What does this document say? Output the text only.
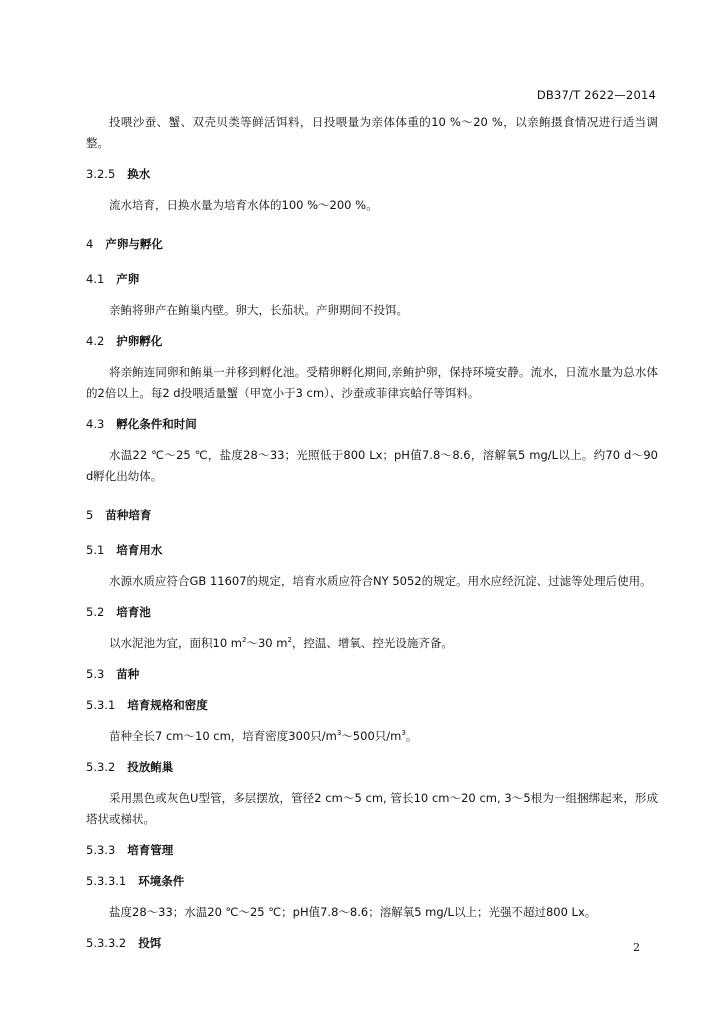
DB37/T 2622—2014

投喂沙蚕、蟹、双壳贝类等鲜活饵料，日投喂量为亲体体重的10 %～20 %，以亲鲔摄食情况进行适当调整。

3.2.5 换水

流水培育，日换水量为培育水体的100 %～200 %。

4 产卵与孵化

4.1 产卵

亲鲔将卵产在鲔巢内壁。卵大，长茄状。产卵期间不投饵。

4.2 护卵孵化

将亲鲔连同卵和鲔巢一并移到孵化池。受精卵孵化期间,亲鲔护卵，保持环境安静。流水，日流水量为总水体的2倍以上。每2 d投喂适量蟹（甲宽小于3 cm）、沙蚕或菲律宾蛤仔等饵料。

4.3 孵化条件和时间

水温22 ℃～25 ℃，盐度28～33；光照低于800 Lx；pH值7.8～8.6，溶解氧5 mg/L以上。约70 d～90 d孵化出幼体。

5 苗种培育

5.1 培育用水

水源水质应符合GB 11607的规定，培育水质应符合NY 5052的规定。用水应经沉淀、过滤等处理后使用。

5.2 培育池

以水泥池为宜，面积10 $m^2\sim 30$ $m^2$，控温、增氧、控光设施齐备。

5.3 苗种

5.3.1 培育规格和密度

苗种全长7 cm～10 cm，培育密度300只$/m^3\sim 500$只$/m^3$。

5.3.2 投放鲔巢

采用黑色或灰色U型管，多层摆放，管径2 cm～5 cm, 管长10 cm～20 cm, 3～5根为一组捆绑起来，形成塔状或梯状。

5.3.3 培育管理

5.3.3.1 环境条件

盐度28～33；水温20 ℃～25 ℃；pH值7.8～8.6；溶解氧5 mg/L以上；光强不超过800 Lx。

5.3.3.2 投饵	2
